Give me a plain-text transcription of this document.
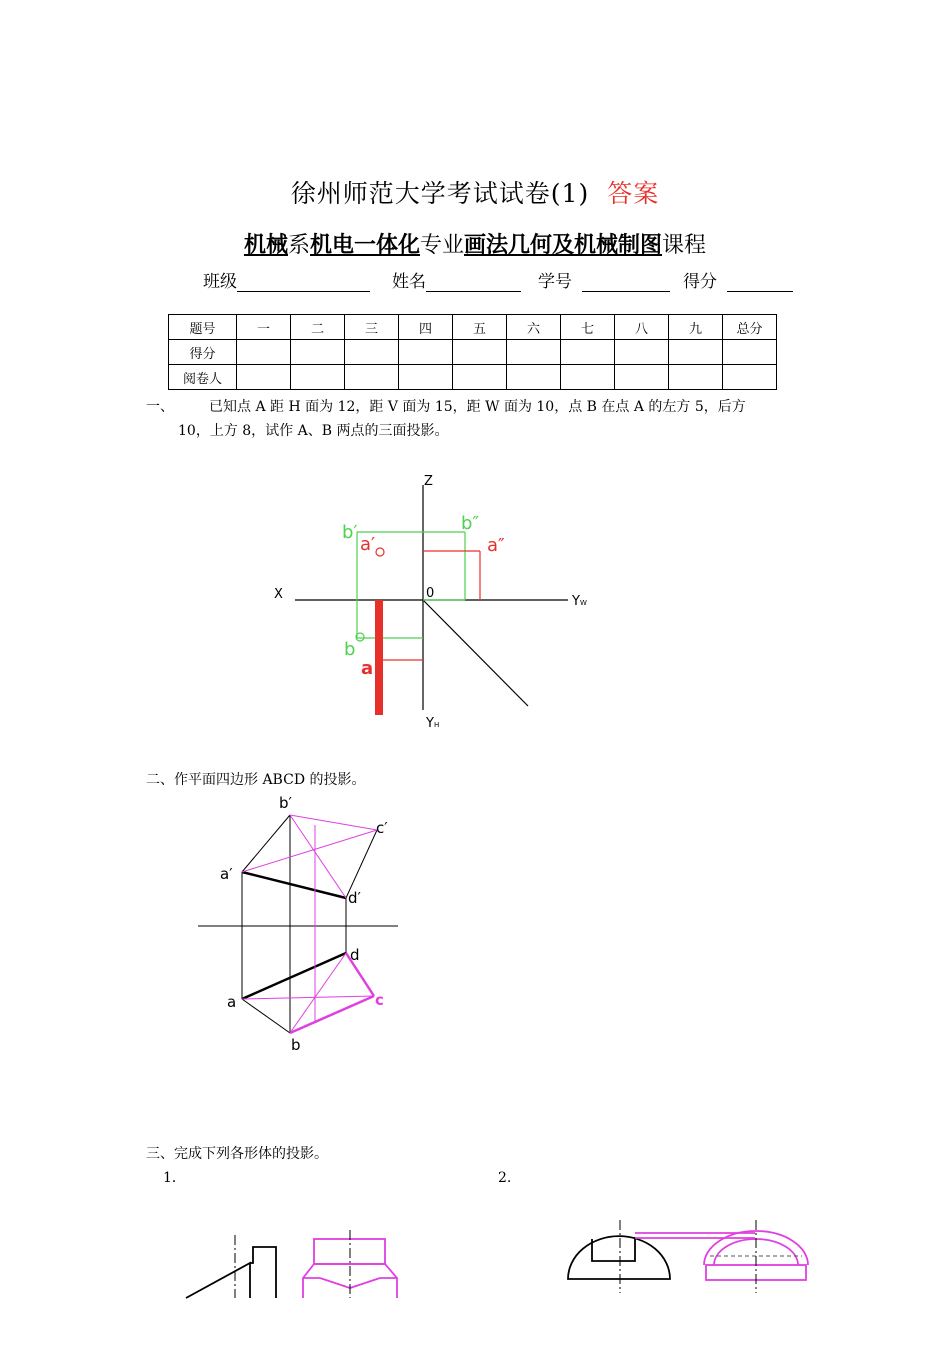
徐州师范大学考试试卷(1) 答案
机械系机电一体化专业画法几何及机械制图课程
班级	姓名	学号	得分
题号	一	二	三	四	五	六	七	八	九	总分
得分										
阅卷人										
一、	已知点 A 距 H 面为 12，距 V 面为 15，距 W 面为 10，点 B 在点 A 的左方 5，后方
10，上方 8，试作 A、B 两点的三面投影。
Z
X	0
Y W
Y H
b′
a′
b″
a″
b
a
二、作平面四边形 ABCD 的投影。
b′
c′
a′
d′
d
a
b
c
三、完成下列各形体的投影。
1．	2.
